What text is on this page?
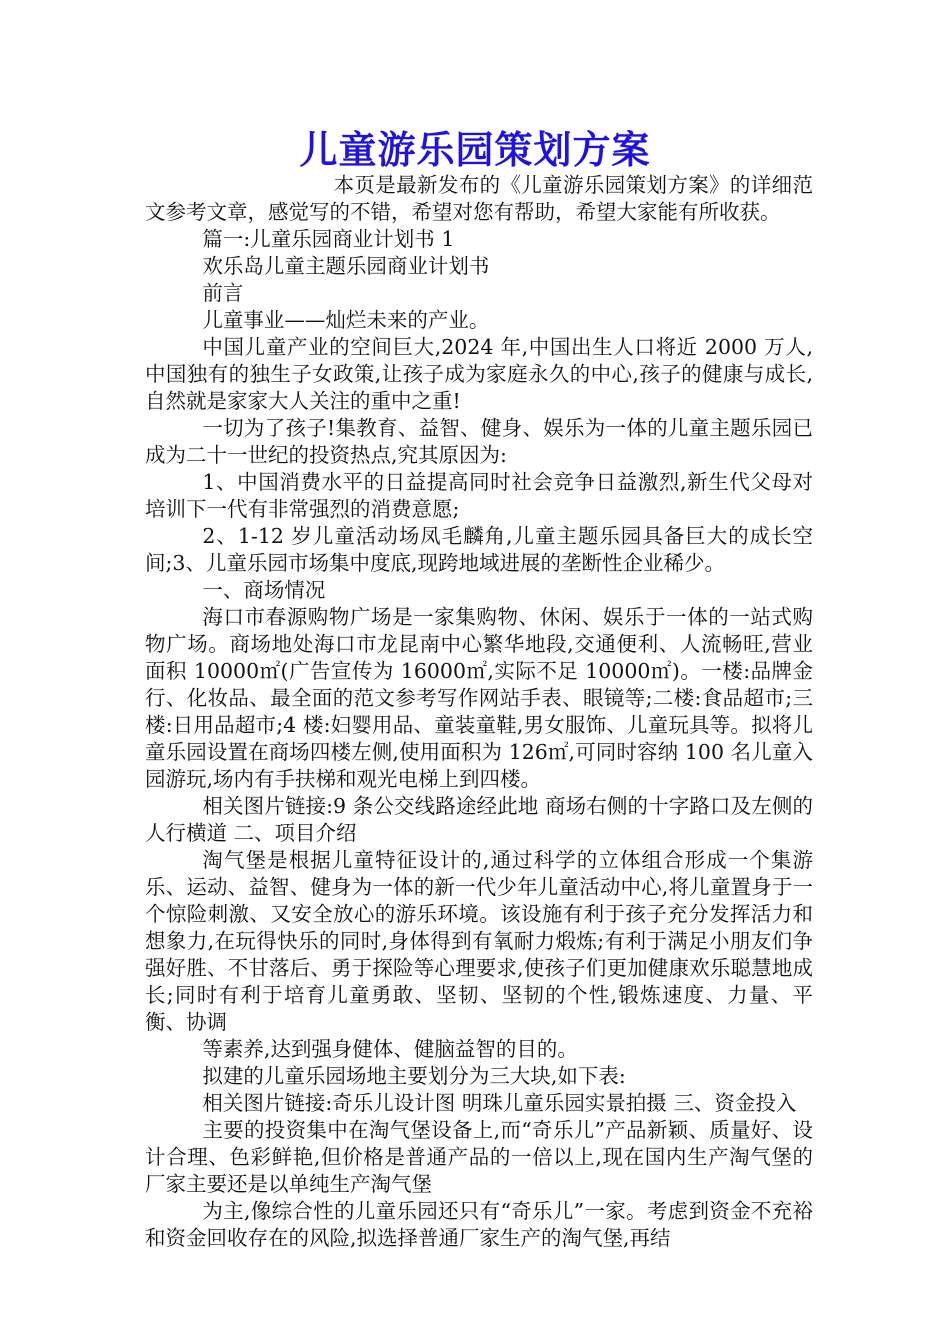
儿童游乐园策划方案

本页是最新发布的《儿童游乐园策划方案》的详细范文参考文章，感觉写的不错，希望对您有帮助，希望大家能有所收获。

篇一:儿童乐园商业计划书 1

欢乐岛儿童主题乐园商业计划书

前言

儿童事业——灿烂未来的产业。

中国儿童产业的空间巨大,2024 年,中国出生人口将近 2000 万人,中国独有的独生子女政策,让孩子成为家庭永久的中心,孩子的健康与成长,自然就是家家大人关注的重中之重!

一切为了孩子!集教育、益智、健身、娱乐为一体的儿童主题乐园已成为二十一世纪的投资热点,究其原因为:

1、中国消费水平的日益提高同时社会竞争日益激烈,新生代父母对培训下一代有非常强烈的消费意愿;

2、1-12 岁儿童活动场凤毛麟角,儿童主题乐园具备巨大的成长空间;3、儿童乐园市场集中度底,现跨地域进展的垄断性企业稀少。

一、商场情况

海口市春源购物广场是一家集购物、休闲、娱乐于一体的一站式购物广场。商场地处海口市龙昆南中心繁华地段,交通便利、人流畅旺,营业面积 10000㎡(广告宣传为 16000㎡,实际不足 10000㎡)。一楼:品牌金行、化妆品、最全面的范文参考写作网站手表、眼镜等;二楼:食品超市;三楼:日用品超市;4 楼:妇婴用品、童装童鞋,男女服饰、儿童玩具等。拟将儿童乐园设置在商场四楼左侧,使用面积为 126㎡,可同时容纳 100 名儿童入园游玩,场内有手扶梯和观光电梯上到四楼。

相关图片链接:9 条公交线路途经此地 商场右侧的十字路口及左侧的人行横道 二、项目介绍

淘气堡是根据儿童特征设计的,通过科学的立体组合形成一个集游乐、运动、益智、健身为一体的新一代少年儿童活动中心,将儿童置身于一个惊险刺激、又安全放心的游乐环境。该设施有利于孩子充分发挥活力和想象力,在玩得快乐的同时,身体得到有氧耐力煅炼;有利于满足小朋友们争强好胜、不甘落后、勇于探险等心理要求,使孩子们更加健康欢乐聪慧地成长;同时有利于培育儿童勇敢、坚韧、坚韧的个性,锻炼速度、力量、平衡、协调

等素养,达到强身健体、健脑益智的目的。

拟建的儿童乐园场地主要划分为三大块,如下表:

相关图片链接:奇乐儿设计图 明珠儿童乐园实景拍摄 三、资金投入

主要的投资集中在淘气堡设备上,而“奇乐儿”产品新颖、质量好、设计合理、色彩鲜艳,但价格是普通产品的一倍以上,现在国内生产淘气堡的厂家主要还是以单纯生产淘气堡

为主,像综合性的儿童乐园还只有“奇乐儿”一家。考虑到资金不充裕和资金回收存在的风险,拟选择普通厂家生产的淘气堡,再结
